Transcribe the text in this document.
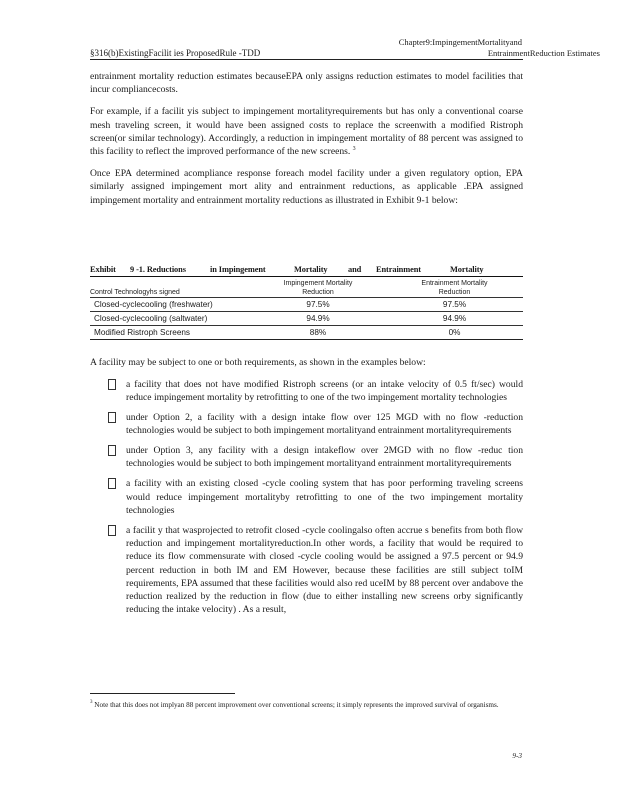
Chapter9:ImpingementMortalityand
EntrainmentReduction Estimates
§316(b)ExistingFacilit ies ProposedRule -TDD

entrainment mortality reduction estimates becauseEPA only assigns reduction estimates to model facilities that incur compliancecosts.

For example, if a facilit yis subject to impingement mortalityrequirements but has only a conventional coarse mesh traveling screen, it would have been assigned costs to replace the screenwith a modified Ristroph screen(or similar technology). Accordingly, a reduction in impingement mortality of 88 percent was assigned to this facility to reflect the improved performance of the new screens. $^3$

Once EPA determined acompliance response foreach model facility under a given regulatory option, EPA similarly assigned impingement mort ality and entrainment reductions, as applicable .EPA assigned impingement mortality and entrainment mortality reductions as illustrated in Exhibit 9-1 below:

Exhibit 9 -1. Reductions	in Impingement	Mortality and Entrainment	Mortality
	Impingement Mortality	Entrainment Mortality
Control Technologyhs signed	Reduction	Reduction
Closed-cyclecooling (freshwater)	97.5%	97.5%
Closed-cyclecooling (saltwater)	94.9%	94.9%
Modified Ristroph Screens	88%	0%
A facility may be subject to one or both requirements, as shown in the examples below:
a facility that does not have modified Ristroph screens (or an intake velocity of 0.5 ft/sec) would reduce impingement mortality by retrofitting to one of the two impingement mortality technologies
under Option 2, a facility with a design intake flow over 125 MGD with no flow -reduction technologies would be subject to both impingement mortalityand entrainment mortalityrequirements
under Option 3, any facility with a design intakeflow over 2MGD with no flow -reduc tion technologies would be subject to both impingement mortalityand entrainment mortalityrequirements
a facility with an existing closed -cycle cooling system that has poor performing traveling screens would reduce impingement mortalityby retrofitting to one of the two impingement mortality technologies
a facilit y that wasprojected to retrofit closed -cycle coolingalso often accrue s benefits from both flow reduction and impingement mortalityreduction.In other words, a facility that would be required to reduce its flow commensurate with closed -cycle cooling would be assigned a 97.5 percent or 94.9 percent reduction in both IM and EM However, because these facilities are still subject toIM requirements, EPA assumed that these facilities would also red uceIM by 88 percent over andabove the reduction realized by the reduction in flow (due to either installing new screens orby significantly reducing the intake velocity) . As a result,
$^3$ Note that this does not implyan 88 percent improvement over conventional screens; it simply represents the improved survival of organisms.
9-3
